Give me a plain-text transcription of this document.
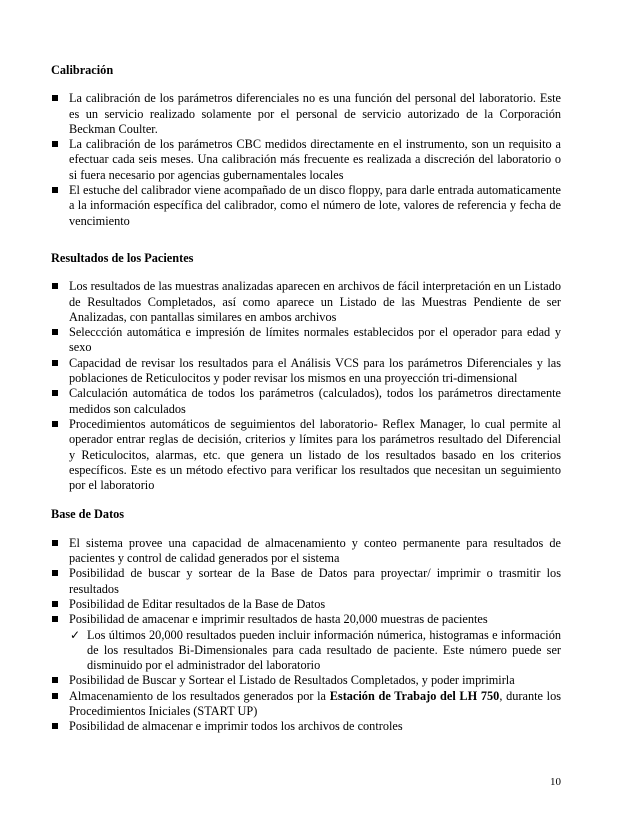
Calibración
La calibración de los parámetros diferenciales no es una función del personal del laboratorio. Este es un servicio realizado solamente por el personal de servicio autorizado de la Corporación Beckman Coulter.
La calibración de los parámetros CBC medidos directamente en el instrumento, son un requisito a efectuar cada seis meses. Una calibración más frecuente es realizada a discreción del laboratorio o si fuera necesario por agencias gubernamentales locales
El estuche del calibrador viene acompañado de un disco floppy, para darle entrada automaticamente a la información específica del calibrador, como el número de lote, valores de referencia y fecha de vencimiento
Resultados de los Pacientes
Los resultados de las muestras analizadas aparecen en archivos de fácil interpretación en un Listado de Resultados Completados, así como aparece un Listado de las Muestras Pendiente de ser Analizadas, con pantallas similares en ambos archivos
Seleccción automática e impresión de límites normales establecidos por el operador para edad y sexo
Capacidad de revisar los resultados para el Análisis VCS para los parámetros Diferenciales y las poblaciones de Reticulocitos y poder revisar los mismos en una proyección tri-dimensional
Calculación automática de todos los parámetros (calculados), todos los parámetros directamente medidos son calculados
Procedimientos automáticos de seguimientos del laboratorio- Reflex Manager, lo cual permite al operador entrar reglas de decisión, criterios y límites para los parámetros resultado del Diferencial y Reticulocitos, alarmas, etc. que genera un listado de los resultados basado en los criterios específicos. Este es un método efectivo para verificar los resultados que necesitan un seguimiento por el laboratorio
Base de Datos
El sistema provee una capacidad de almacenamiento y conteo permanente para resultados de pacientes y control de calidad generados por el sistema
Posibilidad de buscar y sortear de la Base de Datos para proyectar/ imprimir o trasmitir los resultados
Posibilidad de Editar resultados de la Base de Datos
Posibilidad de amacenar e imprimir resultados de hasta 20,000 muestras de pacientes
✓ Los últimos 20,000 resultados pueden incluir información númerica, histogramas e información de los resultados Bi-Dimensionales para cada resultado de paciente. Este número puede ser disminuido por el administrador del laboratorio
Posibilidad de Buscar y Sortear el Listado de Resultados Completados, y poder imprimirla
Almacenamiento de los resultados generados por la Estación de Trabajo del LH 750, durante los Procedimientos Iniciales (START UP)
Posibilidad de almacenar e imprimir todos los archivos de controles
10
